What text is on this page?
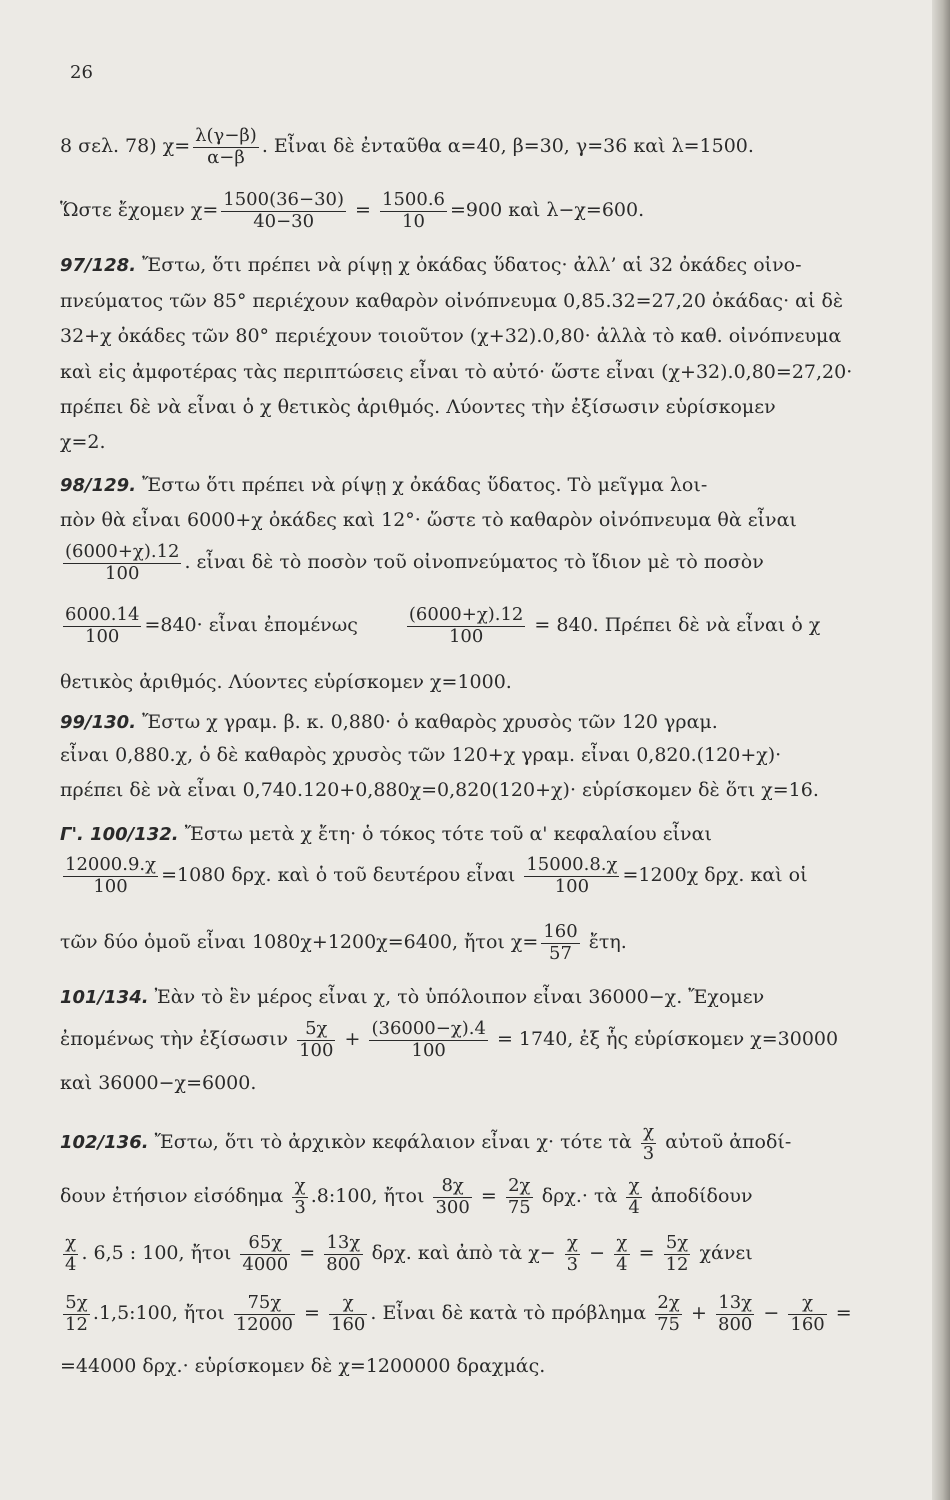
26
8 σελ. 78) $\chi= \frac{\lambda(\gamma-\beta)}{\alpha-\beta}$ . Εἶναι δὲ ἐνταῦθα α=40, β=30, γ=36 καὶ λ=1500.
Ὥστε ἔχομεν $\chi= \frac{1500(36-30)}{40-30} = \frac{1500.6}{10} =900$ καὶ λ−χ=600.
97/128. Ἔστω, ὅτι πρέπει νὰ ρίψῃ χ ὀκάδας ὕδατος· ἀλλ’ αἱ 32 ὀκάδες οἰνο-
πνεύματος τῶν 85° περιέχουν καθαρὸν οἰνόπνευμα 0,85.32=27,20 ὀκάδας· αἱ δὲ
32+χ ὀκάδες τῶν 80° περιέχουν τοιοῦτον (χ+32).0,80· ἀλλὰ τὸ καθ. οἰνόπνευμα
καὶ εἰς ἀμφοτέρας τὰς περιπτώσεις εἶναι τὸ αὐτό· ὥστε εἶναι (χ+32).0,80=27,20·
πρέπει δὲ νὰ εἶναι ὁ χ θετικὸς ἀριθμός. Λύοντες τὴν ἐξίσωσιν εὑρίσκομεν
χ=2.
98/129. Ἔστω ὅτι πρέπει νὰ ρίψῃ χ ὀκάδας ὕδατος. Τὸ μεῖγμα λοι-
πὸν θὰ εἶναι 6000+χ ὀκάδες καὶ 12°· ὥστε τὸ καθαρὸν οἰνόπνευμα θὰ εἶναι
$\frac{(6000+\chi).12}{100}$ . εἶναι δὲ τὸ ποσὸν τοῦ οἰνοπνεύματος τὸ ἴδιον μὲ τὸ ποσὸν
$\frac{6000.14}{100} =840\cdot$ εἶναι ἐπομένως $\frac{(6000+\chi).12}{100} = 840$. Πρέπει δὲ νὰ εἶναι ὁ χ
θετικὸς ἀριθμός. Λύοντες εὑρίσκομεν χ=1000.
99/130. Ἔστω χ γραμ. β. κ. 0,880· ὁ καθαρὸς χρυσὸς τῶν 120 γραμ.
εἶναι 0,880.χ, ὁ δὲ καθαρὸς χρυσὸς τῶν 120+χ γραμ. εἶναι 0,820.(120+χ)·
πρέπει δὲ νὰ εἶναι 0,740.120+0,880χ=0,820(120+χ)· εὑρίσκομεν δὲ ὅτι χ=16.
Γ'. 100/132. Ἔστω μετὰ χ ἔτη· ὁ τόκος τότε τοῦ α' κεφαλαίου εἶναι
$\frac{12000.9.\chi}{100} =1080$ δρχ. καὶ ὁ τοῦ δευτέρου εἶναι $\frac{15000.8.\chi}{100} =1200\chi$ δρχ. καὶ οἱ
τῶν δύο ὁμοῦ εἶναι 1080χ+1200χ=6400, ἤτοι $\chi= \frac{160}{57}$ ἔτη.
101/134. Ἐὰν τὸ ἓν μέρος εἶναι χ, τὸ ὑπόλοιπον εἶναι 36000−χ. Ἔχομεν
ἐπομένως τὴν ἐξίσωσιν $\frac{5\chi}{100} + \frac{(36000-\chi).4}{100} = 1740$, ἐξ ἧς εὑρίσκομεν χ=30000
καὶ 36000−χ=6000.
102/136. Ἔστω, ὅτι τὸ ἀρχικὸν κεφάλαιον εἶναι χ· τότε τὰ $\frac{\chi}{3}$ αὐτοῦ ἀποδί-
δουν ἐτήσιον εἰσόδημα $\frac{\chi}{3}$ .8:100, ἤτοι $\frac{8\chi}{300} = \frac{2\chi}{75} \delta\rho\chi.\cdot$ τὰ $\frac{\chi}{4}$ ἀποδίδουν
$\frac{\chi}{4}$ . 6,5 : 100, ἤτοι $\frac{65\chi}{4000} = \frac{13\chi}{800} \delta\rho\chi$. καὶ ἀπὸ τὰ $\chi- \frac{\chi}{3} - \frac{\chi}{4} = \frac{5\chi}{12}$ χάνει
$\frac{5\chi}{12}$ .1,5:100, ἤτοι $\frac{75\chi}{12000} = \frac{\chi}{160}$ . Εἶναι δὲ κατὰ τὸ πρόβλημα $\frac{2\chi}{75} + \frac{13\chi}{800} - \frac{\chi}{160}$ =
=44000 δρχ.· εὑρίσκομεν δὲ χ=1200000 δραχμάς.
